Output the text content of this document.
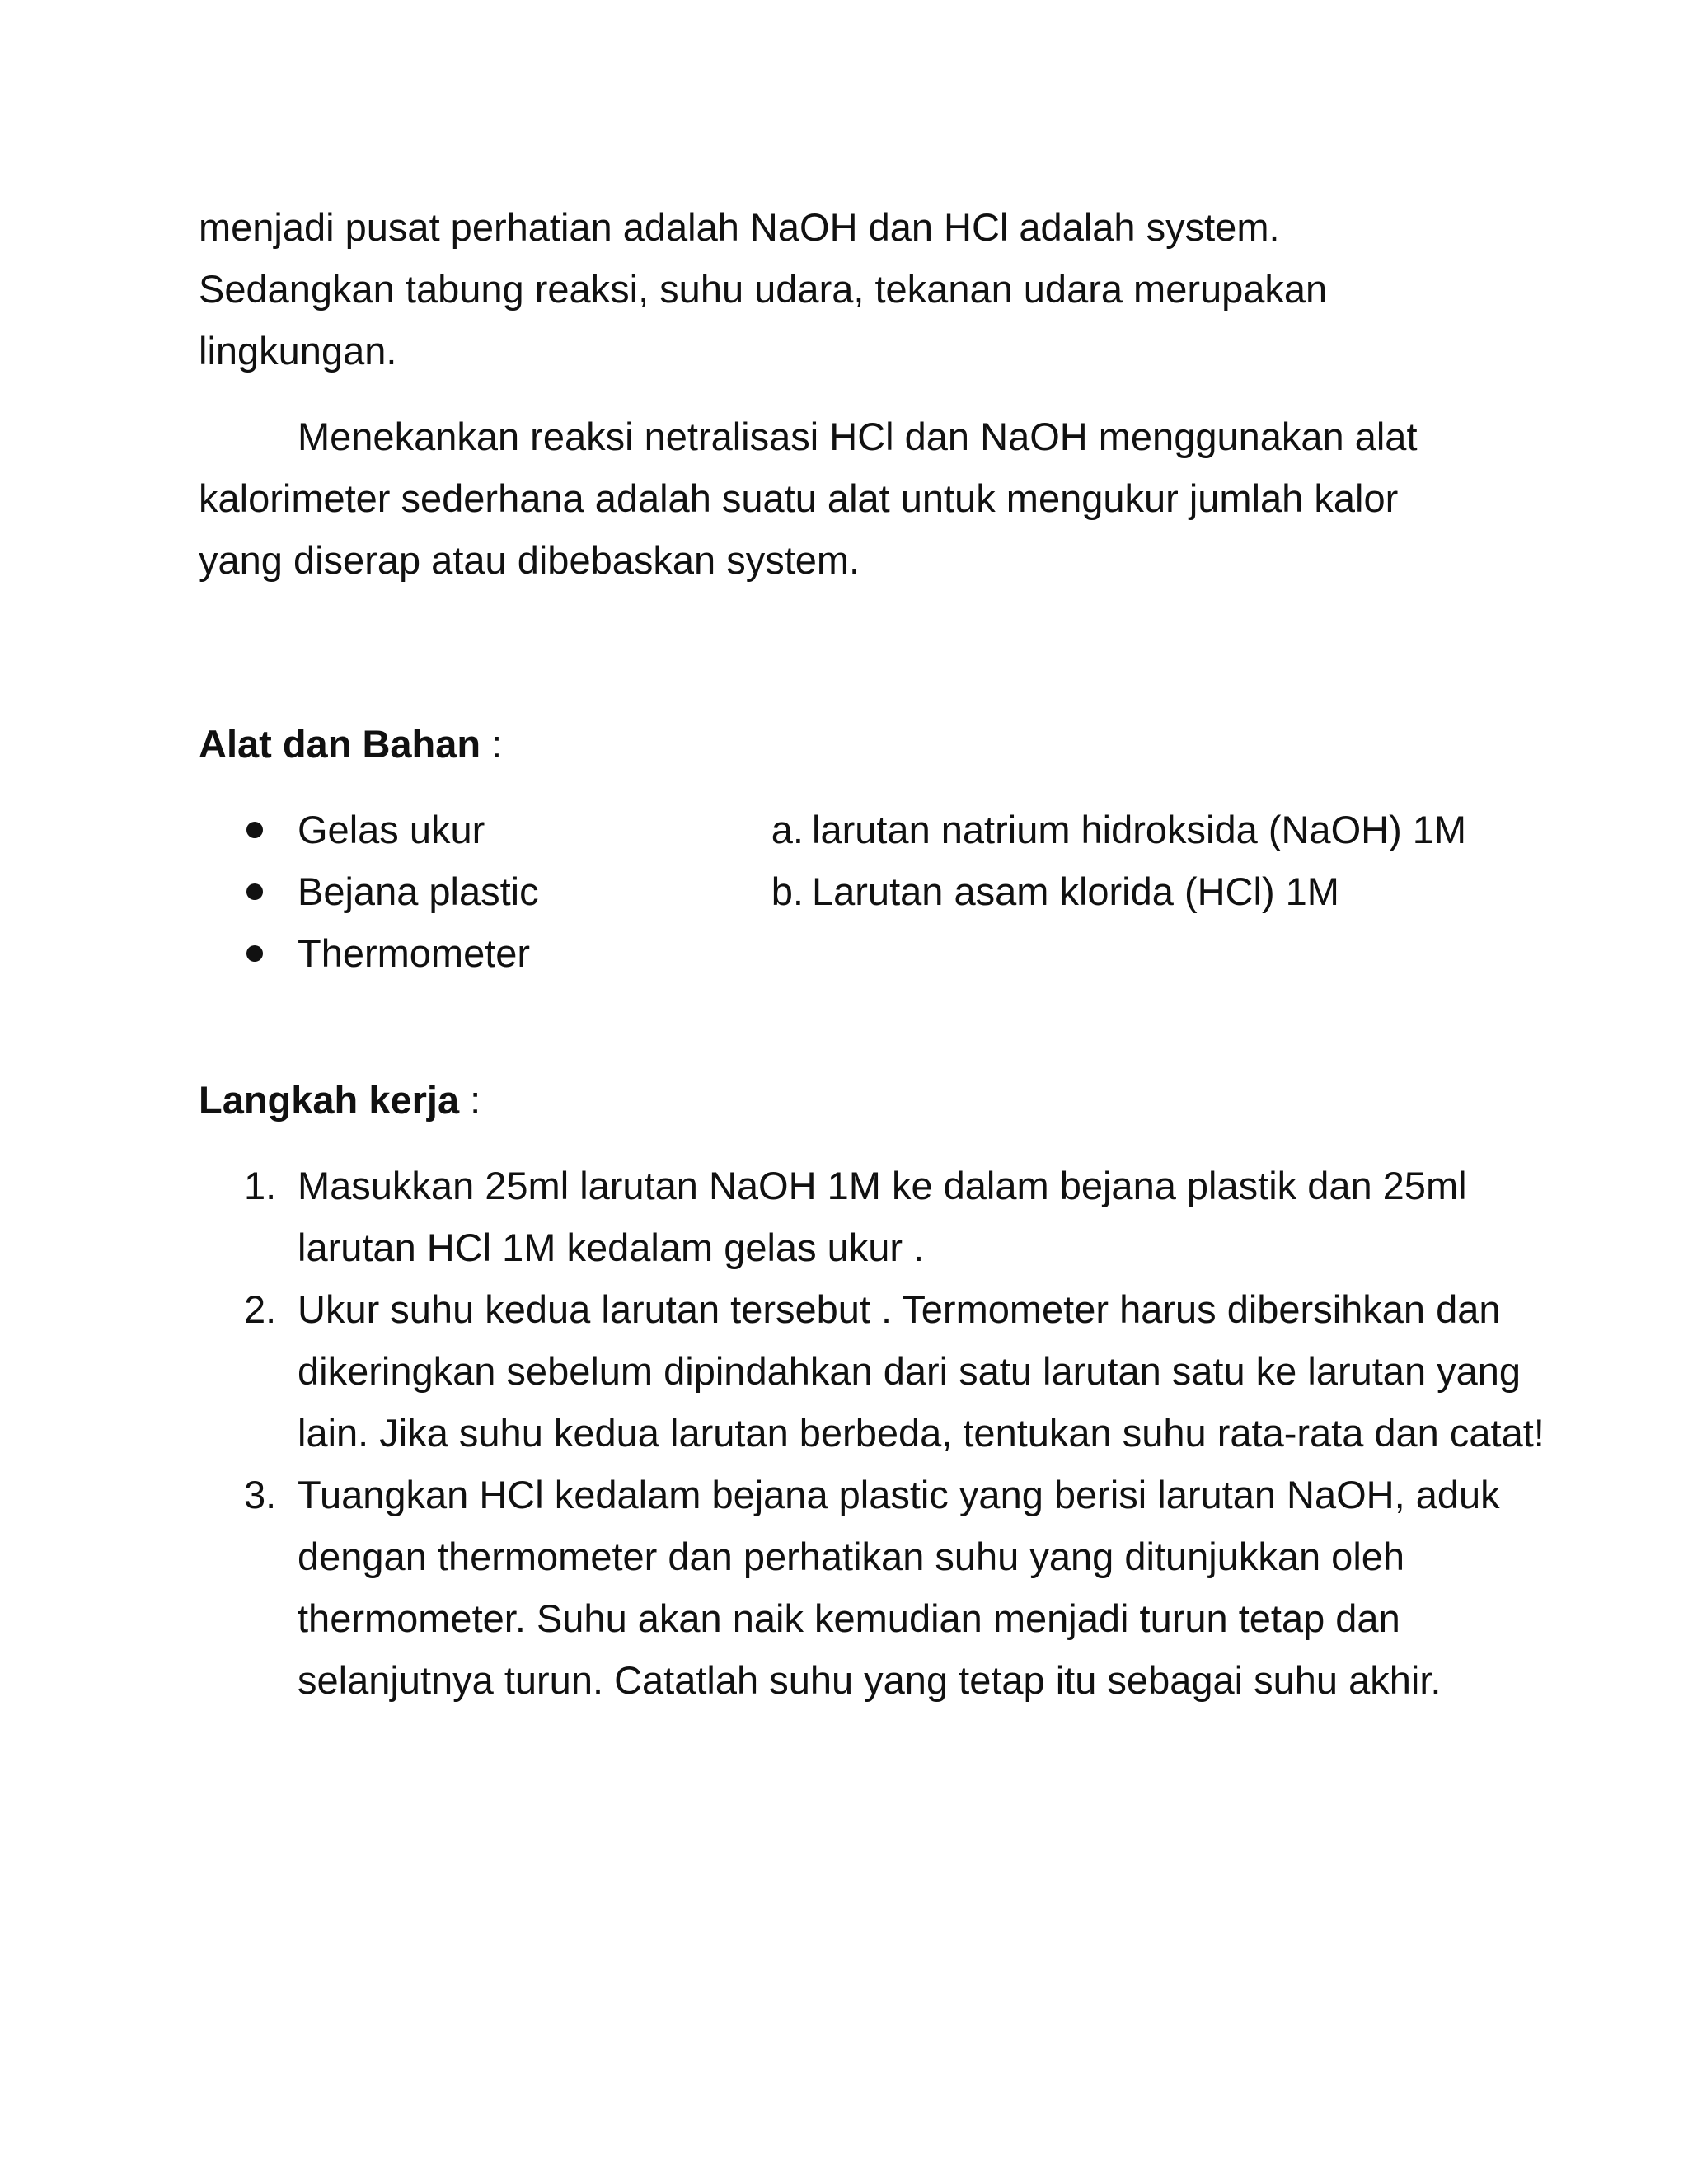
menjadi pusat perhatian adalah NaOH dan HCl adalah system. Sedangkan tabung reaksi, suhu udara, tekanan udara merupakan lingkungan.

Menekankan reaksi netralisasi HCl dan NaOH menggunakan alat kalorimeter sederhana adalah suatu alat untuk mengukur jumlah kalor yang diserap atau dibebaskan system.

Alat dan Bahan :
Gelas ukur
Bejana plastic
Thermometer
a. larutan natrium hidroksida (NaOH) 1M
b. Larutan asam klorida (HCl) 1M
Langkah kerja :
1. Masukkan 25ml larutan NaOH 1M ke dalam bejana plastik dan 25ml larutan HCl 1M kedalam gelas ukur .
2. Ukur suhu kedua larutan tersebut . Termometer harus dibersihkan dan dikeringkan sebelum dipindahkan dari satu larutan satu ke larutan yang lain. Jika suhu kedua larutan berbeda, tentukan suhu rata-rata dan catat!
3. Tuangkan HCl kedalam bejana plastic yang berisi larutan NaOH, aduk dengan thermometer dan perhatikan suhu yang ditunjukkan oleh thermometer. Suhu akan naik kemudian menjadi turun tetap dan selanjutnya turun. Catatlah suhu yang tetap itu sebagai suhu akhir.
